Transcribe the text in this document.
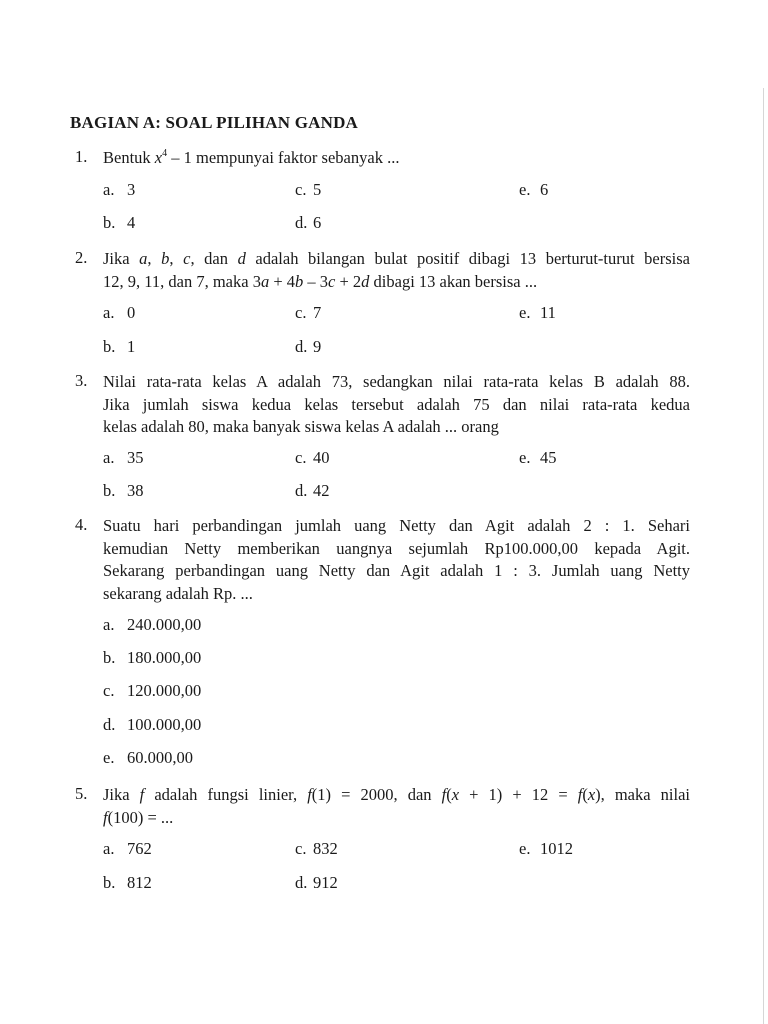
BAGIAN A: SOAL PILIHAN GANDA
1. Bentuk $x^4 - 1$ mempunyai faktor sebanyak ...
a. 3
b. 4
c. 5
d. 6
e. 6
2. Jika a, b, c, dan d adalah bilangan bulat positif dibagi 13 berturut-turut bersisa
12, 9, 11, dan 7, maka 3a + 4b – 3c + 2d dibagi 13 akan bersisa ...
a. 0
b. 1
c. 7
d. 9
e. 11
3. Nilai rata-rata kelas A adalah 73, sedangkan nilai rata-rata kelas B adalah 88.
Jika jumlah siswa kedua kelas tersebut adalah 75 dan nilai rata-rata kedua
kelas adalah 80, maka banyak siswa kelas A adalah ... orang
a. 35
b. 38
c. 40
d. 42
e. 45
4. Suatu hari perbandingan jumlah uang Netty dan Agit adalah 2 : 1. Sehari
kemudian Netty memberikan uangnya sejumlah Rp100.000,00 kepada Agit.
Sekarang perbandingan uang Netty dan Agit adalah 1 : 3. Jumlah uang Netty
sekarang adalah Rp. ...
a. 240.000,00
b. 180.000,00
c. 120.000,00
d. 100.000,00
e. 60.000,00
5. Jika f adalah fungsi linier, f(1) = 2000, dan f(x + 1) + 12 = f(x), maka nilai
f(100) = ...
a. 762
b. 812
c. 832
d. 912
e. 1012
